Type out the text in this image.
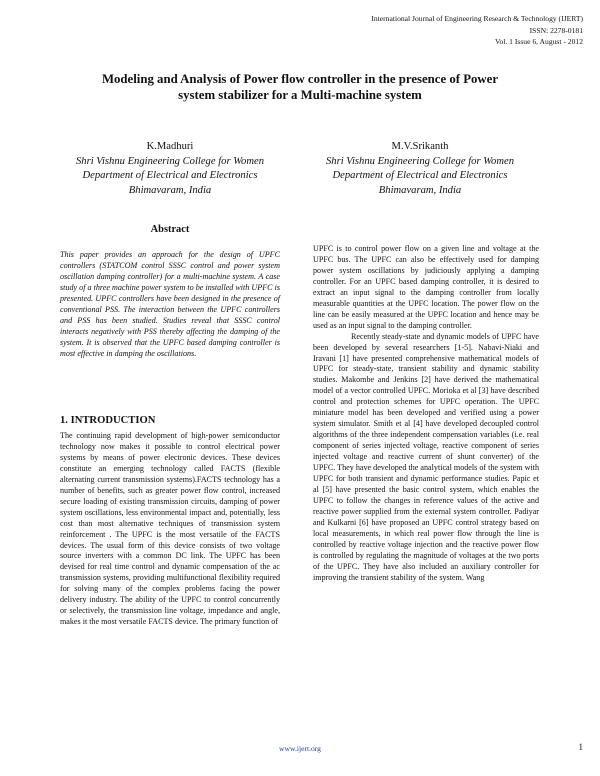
International Journal of Engineering Research & Technology (IJERT)
ISSN: 2278-0181
Vol. 1 Issue 6, August - 2012
Modeling and Analysis of Power flow controller in the presence of Power
system stabilizer for a Multi-machine system
K.Madhuri
Shri Vishnu Engineering College for Women
Department of Electrical and Electronics
Bhimavaram, India
M.V.Srikanth
Shri Vishnu Engineering College for Women
Department of Electrical and Electronics
Bhimavaram, India
Abstract

This paper provides an approach for the design of UPFC controllers (STATCOM control SSSC control and power system oscillation damping controller) for a multi-machine system. A case study of a three machine power system to be installed with UPFC is presented. UPFC controllers have been designed in the presence of conventional PSS. The interaction between the UPFC controllers and PSS has been studied. Studies reveal that SSSC control interacts negatively with PSS thereby affecting the damping of the system. It is observed that the UPFC based damping controller is most effective in damping the oscillations.

1. INTRODUCTION

The continuing rapid development of high-power semiconductor technology now makes it possible to control electrical power systems by means of power electronic devices. These devices constitute an emerging technology called FACTS (flexible alternating current transmission systems).FACTS technology has a number of benefits, such as greater power flow control, increased secure loading of existing transmission circuits, damping of power system oscillations, less environmental impact and, potentially, less cost than most alternative techniques of transmission system reinforcement . The UPFC is the most versatile of the FACTS devices. The usual form of this device consists of two voltage source inverters with a common DC link. The UPFC has been devised for real time control and dynamic compensation of the ac transmission systems, providing multifunctional flexibility required for solving many of the complex problems facing the power delivery industry. The ability of the UPFC to control concurrently or selectively, the transmission line voltage, impedance and angle, makes it the most versatile FACTS device. The primary function of

UPFC is to control power flow on a given line and voltage at the UPFC bus. The UPFC can also be effectively used for damping power system oscillations by judiciously applying a damping controller. For an UPFC based damping controller, it is desired to extract an input signal to the damping controller from locally measurable quantities at the UPFC location. The power flow on the line can be easily measured at the UPFC location and hence may be used as an input signal to the damping controller.

Recently steady-state and dynamic models of UPFC have been developed by several researchers [1-5]. Nabavi-Niaki and Iravani [1] have presented comprehensive mathematical models of UPFC for steady-state, transient stability and dynamic stability studies. Makombe and Jenkins [2] have derived the mathematical model of a vector controlled UPFC. Morioka et al [3] have described control and protection schemes for UPFC operation. The UPFC miniature model has been developed and verified using a power system simulator. Smith et al [4] have developed decoupled control algorithms of the three independent compensation variables (i.e. real component of series injected voltage, reactive component of series injected voltage and reactive current of shunt converter) of the UPFC. They have developed the analytical models of the system with UPFC for both transient and dynamic performance studies. Papic et al [5] have presented the basic control system, which enables the UPFC to follow the changes in reference values of the active and reactive power supplied from the external system controller. Padiyar and Kulkarni [6] have proposed an UPFC control strategy based on local measurements, in which real power flow through the line is controlled by reactive voltage injection and the reactive power flow is controlled by regulating the magnitude of voltages at the two ports of the UPFC. They have also included an auxiliary controller for improving the transient stability of the system. Wang

www.ijert.org	1
